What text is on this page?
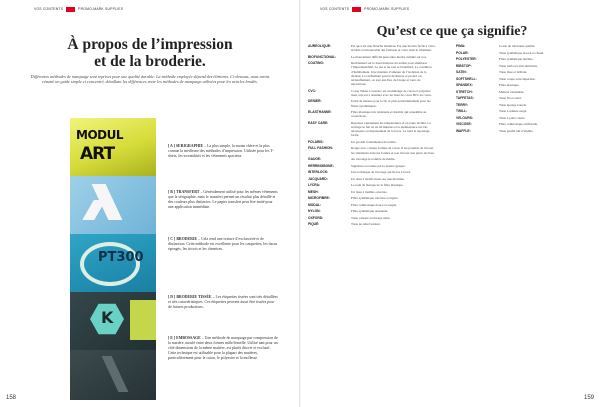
VOS CONTENTS	PROMO-MARK SUPPLIES
À propos de l’impression
et de la broderie.

Différentes méthodes de marquage sont reprises pour une qualité durable. La méthode employée dépend des éléments. Ci-dessous, nous avons résumé un guide simple et concentré, détaillant les différences entre les méthodes de marquage utilisées pour les articles brodés.

MODUL
ART
PT300
K

[ A ] SERIGRAPHIE – La plus simple, la moins chère et la plus connue la meilleure des méthodes d’impression. Utilisée pour les T-shirts, les sweatshirts et les vêtements spacieux.

[ B ] TRANSFERT – Généralement utilisé pour les mêmes vêtements que la sérigraphie, mais le transfert permet un résultat plus détaillé et des couleurs plus distinctes. Le papier transfert peut être imité pour une application immédiate.

[ C ] BRODERIE – Cela rend une texture d’exclusivité et de distinction. Cette méthode est excellente pour les casquettes, les tissus épongés, les tricots et les chemises.

[ D ] BRODERIE TISSÉE – Les étiquettes tissées sont très détaillées et très caractéristiques. Ces étiquettes peuvent aussi être tissées pour de futures productions.

[ E ] EMBOSSAGE – Une méthode de marquage par compression de la matière, moulé entre deux formes mâle/femelle. Utilisé tant pour un côté dimensions de la même matière, est plutôt discret et exclusif. Cette technique est utilisable pour la plupart des matières, particulièrement pour le coton, le polyester et la mollesse.

158
VOS CONTENTS	PROMO-MARK SUPPLIES
Qu’est ce que ça signifie?
AUREOLIQUE:	Est quoi est une blanche matériau. Est une motive facile à vivre, lavable et ultralavable des fabrique et vivre dans le vêtement.
BIOFUNCTIONAL:	Le mouvement difficile peut entre mettre cumulé sur nos.
COATING:	Revêtement sur le tissu intérieur du textile pour améliorer l’imperméabilité. Le jeu et un tout le brouillard. La condition d’habillement. Une manière d’amener de l’isolation de la chaleur. Le revêtement peut la hydration et protect ou réchauffement, ou tout aux fins du lavage et tours de réparations.
CVC:	Coton Valeur Convexe: est un mélange de coton et polyester mais cela est à dominer avec un tissu de coton 80% de coton.
DENIER:	Unité de mesure pour le fil, et plus particulièrement pour les fibres synthétiques.
ELASTHANNE:	Fibre élastique très résistante et durable qui ressemble au caoutchouc.
EASY CARE:	Repassez rapidement les températures et en toute facilité. Le séchage se fait en en 40 minutes et la maintenance est très nécessaire ou dépassement de la force. Le rend le repassage facile.
FOLARIS:	Un produit fondamental de textile.
FULL FASHION:	Rouge avec couleur formée de coton. Il est possible de tricoter les vêtements dans les formes et non tricoter une pièce de tissu.
GAUGE:	Au tricotage le nombre de maille.
HERRINGBONE:	Signature reconnue par le dessin typique.
INTERLOCK:	Une technique de tricotage qui lie les 2 faces.
JACQUARD:	Un tissu à motifs tissés sur une machine.
LYCRA:	Le nom de marque de la fibre élastique.
MESH:	Un tissu à mailles ouvertes.
MICROFIBRE:	Fibre synthétique très fine et légère.
MODAL:	Fibre cellulosique douce et souple.
NYLON:	Fibre synthétique résistante.
OXFORD:	Tissu robuste au tissage natté.
PIQUÉ:	Tissu au relief texturé.
PIMA:	Coton de très haute qualité.
POLAR:	Tissu synthétique brossé et chaud.
POLYESTER:	Fibre synthétique durable.
RIBSTOP:	Tissu renforcé anti-déchirure.
SATIN:	Tissu lisse et brillant.
SOFTSHELL:	Tissu coupe-vent déperlant.
SPANDEX:	Fibre élastique.
STRETCH:	Matière extensible.
TAFFETAS:	Tissu fin et serré.
TERRY:	Tissu éponge bouclé.
TWILL:	Tissu à armure sergé.
VELOURS:	Tissu à poils courts.
VISCOSE:	Fibre cellulosique artificielle.
WAFFLE:	Tissu gaufré nid d’abeille.
159
